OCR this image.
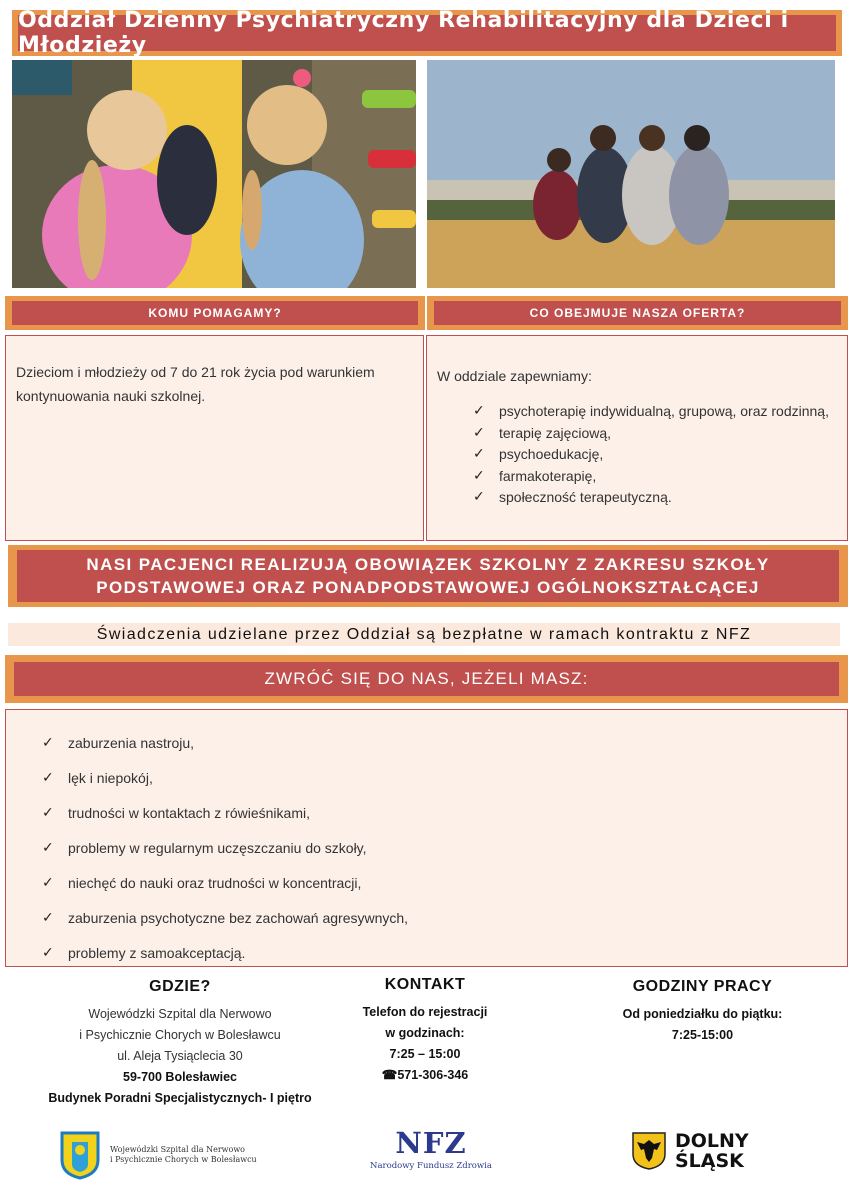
Oddział Dzienny Psychiatryczny Rehabilitacyjny dla Dzieci i Młodzieży
KOMU POMAGAMY?	CO OBEJMUJE NASZA OFERTA?

Dzieciom i młodzieży od 7 do 21 rok życia pod warunkiem kontynuowania nauki szkolnej.

W oddziale zapewniamy:

✓	psychoterapię indywidualną, grupową, oraz rodzinną,
✓	terapię zajęciową,
✓	psychoedukację,
✓	farmakoterapię,
✓	społeczność terapeutyczną.
NASI PACJENCI REALIZUJĄ OBOWIĄZEK SZKOLNY Z ZAKRESU SZKOŁY
PODSTAWOWEJ ORAZ PONADPODSTAWOWEJ OGÓLNOKSZTAŁCĄCEJ
Świadczenia udzielane przez Oddział są bezpłatne w ramach kontraktu z NFZ
ZWRÓĆ SIĘ DO NAS, JEŻELI MASZ:
✓	zaburzenia nastroju,
✓	lęk i niepokój,
✓	trudności w kontaktach z rówieśnikami,
✓	problemy w regularnym uczęszczaniu do szkoły,
✓	niechęć do nauki oraz trudności w koncentracji,
✓	zaburzenia psychotyczne bez zachowań agresywnych,
✓	problemy z samoakceptacją.
GDZIE?
Wojewódzki Szpital dla Nerwowo
i Psychicznie Chorych w Bolesławcu
ul. Aleja Tysiąclecia 30
59-700 Bolesławiec
Budynek Poradni Specjalistycznych- I piętro
KONTAKT
Telefon do rejestracji
w godzinach:
7:25 – 15:00
☎571-306-346
GODZINY PRACY
Od poniedziałku do piątku:
7:25-15:00
Wojewódzki Szpital dla Nerwowo
i Psychicznie Chorych w Bolesławcu	NFZ
Narodowy Fundusz Zdrowia
DOLNY
ŚLĄSK
